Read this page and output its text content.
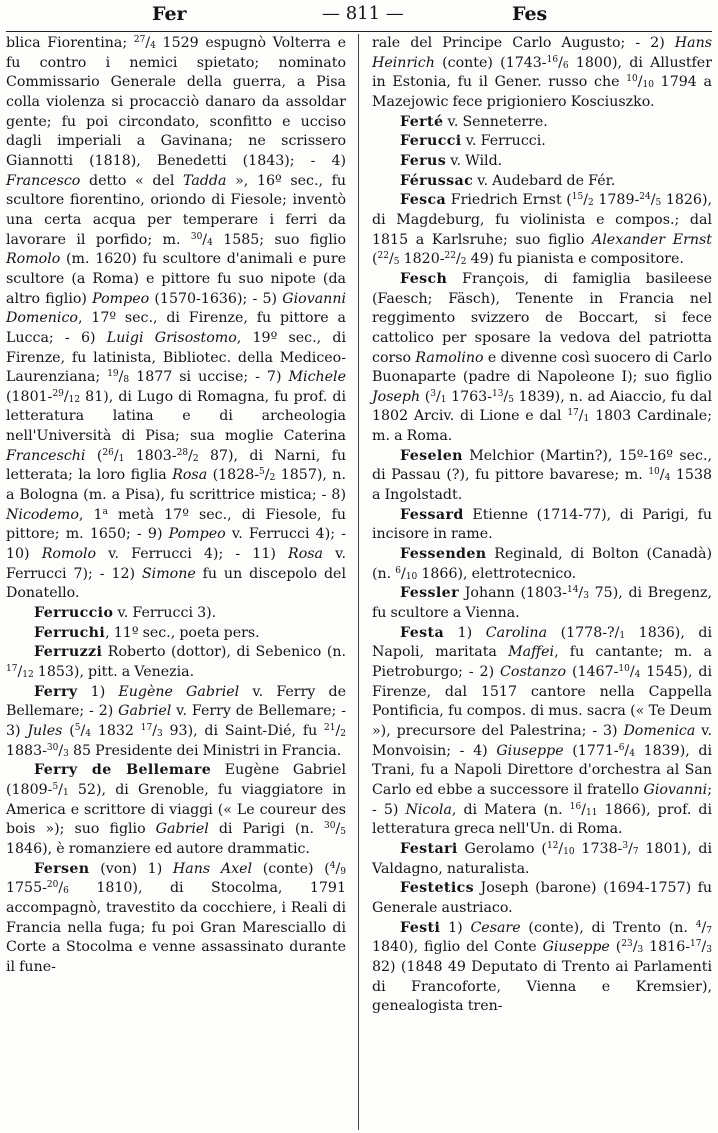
Fer	— 811 —	Fes

blica Fiorentina; $^{27}/_4$ 1529 espugnò Volterra e fu contro i nemici spietato; nominato Commissario Generale della guerra, a Pisa colla violenza si procacciò danaro da assoldar gente; fu poi circondato, sconfitto e ucciso dagli imperiali a Gavinana; ne scrissero Giannotti (1818), Benedetti (1843); - 4) Francesco detto « del Tadda », 16º sec., fu scultore fiorentino, oriondo di Fiesole; inventò una certa acqua per temperare i ferri da lavorare il porfido; m. $^{30}/_4$ 1585; suo figlio Romolo (m. 1620) fu scultore d'animali e pure scultore (a Roma) e pittore fu suo nipote (da altro figlio) Pompeo (1570-1636); - 5) Giovanni Domenico, 17º sec., di Firenze, fu pittore a Lucca; - 6) Luigi Grisostomo, 19º sec., di Firenze, fu latinista, Bibliotec. della Mediceo-Laurenziana; $^{19}/_8$ 1877 si uccise; - 7) Michele ($1801-^{29}/_{12}$ 81), di Lugo di Romagna, fu prof. di letteratura latina e di archeologia nell'Università di Pisa; sua moglie Caterina Franceschi ($^{26}/_1$ $1803-^{28}/_2$ 87), di Narni, fu letterata; la loro figlia Rosa ($1828-^5/_2$ 1857), n. a Bologna (m. a Pisa), fu scrittrice mistica; - 8) Nicodemo, 1$^a$ metà 17º sec., di Fiesole, fu pittore; m. 1650; - 9) Pompeo v. Ferrucci 4); - 10) Romolo v. Ferrucci 4); - 11) Rosa v. Ferrucci 7); - 12) Simone fu un discepolo del Donatello.

Ferruccio v. Ferrucci 3).

Ferruchi, 11º sec., poeta pers.

Ferruzzi Roberto (dottor), di Sebenico (n. $^{17}/_{12}$ 1853), pitt. a Venezia.

Ferry 1) Eugène Gabriel v. Ferry de Bellemare; - 2) Gabriel v. Ferry de Bellemare; - 3) Jules ($^5/_4$ 1832 $^{17}/_3$ 93), di Saint-Dié, fu $^{21}/_2$ $1883-^{30}/_3$ 85 Presidente dei Ministri in Francia.

Ferry de Bellemare Eugène Gabriel ($1809-^5/_1$ 52), di Grenoble, fu viaggiatore in America e scrittore di viaggi (« Le coureur des bois »); suo figlio Gabriel di Parigi (n. $^{30}/_5$ 1846), è romanziere ed autore drammatic.

Fersen (von) 1) Hans Axel (conte) ($^4/_9$ $1755-^{20}/_6$ 1810), di Stocolma, 1791 accompagnò, travestito da cocchiere, i Reali di Francia nella fuga; fu poi Gran Maresciallo di Corte a Stocolma e venne assassinato durante il fune-

rale del Principe Carlo Augusto; - 2) Hans Heinrich (conte) ($1743-^{16}/_6$ 1800), di Allustfer in Estonia, fu il Gener. russo che $^{10}/_{10}$ 1794 a Mazejowic fece prigioniero Kosciuszko.

Ferté v. Senneterre.

Ferucci v. Ferrucci.

Ferus v. Wild.

Férussac v. Audebard de Fér.

Fesca Friedrich Ernst ($^{15}/_2$ $1789-^{24}/_5$ 1826), di Magdeburg, fu violinista e compos.; dal 1815 a Karlsruhe; suo figlio Alexander Ernst ($^{22}/_5$ $1820-^{22}/_2$ 49) fu pianista e compositore.

Fesch François, di famiglia basileese (Faesch; Fäsch), Tenente in Francia nel reggimento svizzero de Boccart, si fece cattolico per sposare la vedova del patriotta corso Ramolino e divenne così suocero di Carlo Buonaparte (padre di Napoleone I); suo figlio Joseph ($^3/_1$ $1763-^{13}/_5$ 1839), n. ad Aiaccio, fu dal 1802 Arciv. di Lione e dal $^{17}/_1$ 1803 Cardinale; m. a Roma.

Feselen Melchior (Martin?), 15º-16º sec., di Passau (?), fu pittore bavarese; m. $^{10}/_4$ 1538 a Ingolstadt.

Fessard Etienne (1714-77), di Parigi, fu incisore in rame.

Fessenden Reginald, di Bolton (Canadà) (n. $^6/_{10}$ 1866), elettrotecnico.

Fessler Johann ($1803-^{14}/_3$ 75), di Bregenz, fu scultore a Vienna.

Festa 1) Carolina ($1778-?/_1$ 1836), di Napoli, maritata Maffei, fu cantante; m. a Pietroburgo; - 2) Costanzo ($1467-^{10}/_4$ 1545), di Firenze, dal 1517 cantore nella Cappella Pontificia, fu compos. di mus. sacra (« Te Deum »), precursore del Palestrina; - 3) Domenica v. Monvoisin; - 4) Giuseppe ($1771-^6/_4$ 1839), di Trani, fu a Napoli Direttore d'orchestra al San Carlo ed ebbe a successore il fratello Giovanni; - 5) Nicola, di Matera (n. $^{16}/_{11}$ 1866), prof. di letteratura greca nell'Un. di Roma.

Festari Gerolamo ($^{12}/_{10}$ $1738-^3/_7$ 1801), di Valdagno, naturalista.

Festetics Joseph (barone) (1694-1757) fu Generale austriaco.

Festi 1) Cesare (conte), di Trento (n. $^4/_7$ 1840), figlio del Conte Giuseppe ($^{23}/_3$ $1816-^{17}/_3$ 82) (1848 49 Deputato di Trento ai Parlamenti di Francoforte, Vienna e Kremsier), genealogista tren-
